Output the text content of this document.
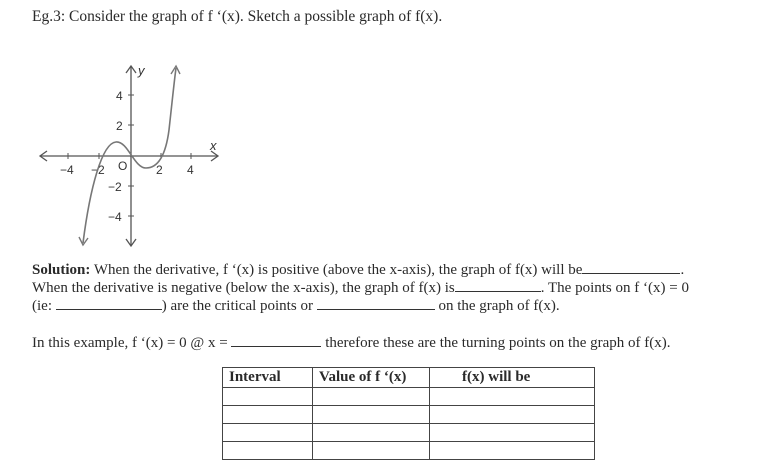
Eg.3: Consider the graph of f ‘(x). Sketch a possible graph of f(x).
y
x
−4 −2 O 2 4
4
2
−2
−4
Solution: When the derivative, f ‘(x) is positive (above the x-axis), the graph of f(x) will be	.
When the derivative is negative (below the x-axis), the graph of f(x) is	. The points on f ‘(x) = 0
(ie:	) are the critical points or	on the graph of f(x).
In this example, f ‘(x) = 0 @ x =	therefore these are the turning points on the graph of f(x).
Interval	Value of f ‘(x)	f(x) will be
